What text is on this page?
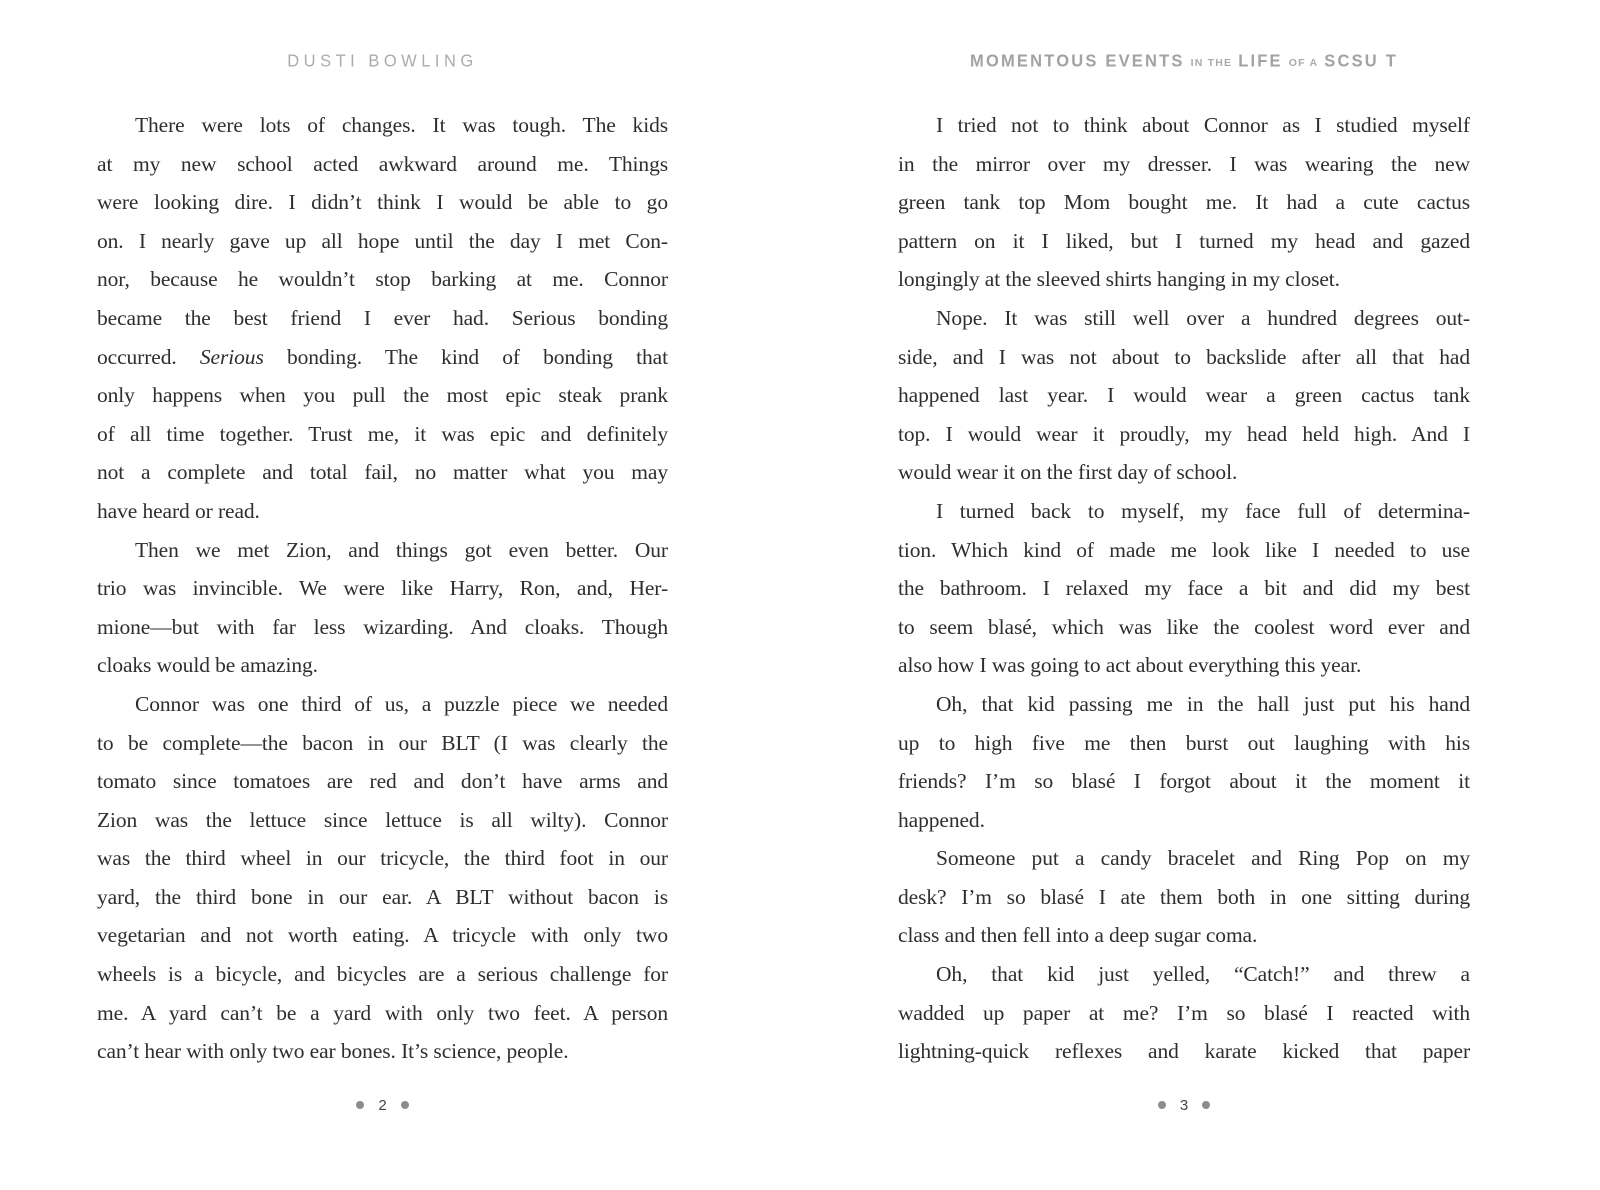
DUSTI BOWLING
There were lots of changes. It was tough. The kids
at my new school acted awkward around me. Things
were looking dire. I didn’t think I would be able to go
on. I nearly gave up all hope until the day I met Con-
nor, because he wouldn’t stop barking at me. Connor
became the best friend I ever had. Serious bonding
occurred. Serious bonding. The kind of bonding that
only happens when you pull the most epic steak prank
of all time together. Trust me, it was epic and definitely
not a complete and total fail, no matter what you may
have heard or read.
Then we met Zion, and things got even better. Our
trio was invincible. We were like Harry, Ron, and, Her-
mione—but with far less wizarding. And cloaks. Though
cloaks would be amazing.
Connor was one third of us, a puzzle piece we needed
to be complete—the bacon in our BLT (I was clearly the
tomato since tomatoes are red and don’t have arms and
Zion was the lettuce since lettuce is all wilty). Connor
was the third wheel in our tricycle, the third foot in our
yard, the third bone in our ear. A BLT without bacon is
vegetarian and not worth eating. A tricycle with only two
wheels is a bicycle, and bicycles are a serious challenge for
me. A yard can’t be a yard with only two feet. A person
can’t hear with only two ear bones. It’s science, people.
2
MOMENTOUS EVENTS IN THE LIFE OF A SCSU T
I tried not to think about Connor as I studied myself
in the mirror over my dresser. I was wearing the new
green tank top Mom bought me. It had a cute cactus
pattern on it I liked, but I turned my head and gazed
longingly at the sleeved shirts hanging in my closet.
Nope. It was still well over a hundred degrees out-
side, and I was not about to backslide after all that had
happened last year. I would wear a green cactus tank
top. I would wear it proudly, my head held high. And I
would wear it on the first day of school.
I turned back to myself, my face full of determina-
tion. Which kind of made me look like I needed to use
the bathroom. I relaxed my face a bit and did my best
to seem blasé, which was like the coolest word ever and
also how I was going to act about everything this year.
Oh, that kid passing me in the hall just put his hand
up to high five me then burst out laughing with his
friends? I’m so blasé I forgot about it the moment it
happened.
Someone put a candy bracelet and Ring Pop on my
desk? I’m so blasé I ate them both in one sitting during
class and then fell into a deep sugar coma.
Oh, that kid just yelled, “Catch!” and threw a
wadded up paper at me? I’m so blasé I reacted with
lightning-quick reflexes and karate kicked that paper
3
